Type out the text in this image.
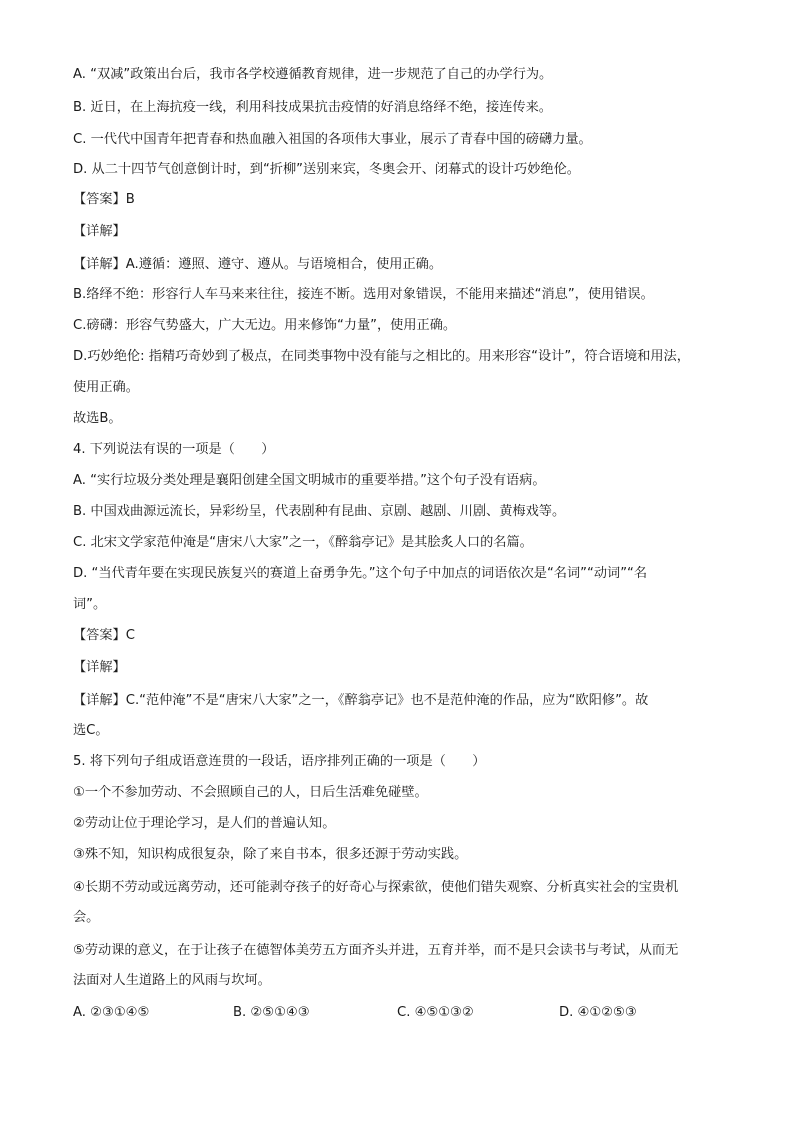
A. “双减”政策出台后，我市各学校遵循教育规律，进一步规范了自己的办学行为。
B. 近日，在上海抗疫一线，利用科技成果抗击疫情的好消息络绎不绝，接连传来。
C. 一代代中国青年把青春和热血融入祖国的各项伟大事业，展示了青春中国的磅礴力量。
D. 从二十四节气创意倒计时，到“折柳”送别来宾，冬奥会开、闭幕式的设计巧妙绝伦。
【答案】B
【详解】
【详解】A.遵循：遵照、遵守、遵从。与语境相合，使用正确。
B.络绎不绝：形容行人车马来来往往，接连不断。选用对象错误，不能用来描述“消息”，使用错误。
C.磅礴：形容气势盛大，广大无边。用来修饰“力量”，使用正确。
D.巧妙绝伦: 指精巧奇妙到了极点，在同类事物中没有能与之相比的。用来形容“设计”，符合语境和用法，
使用正确。
故选B。
4. 下列说法有误的一项是（　　）
A. “实行垃圾分类处理是襄阳创建全国文明城市的重要举措。”这个句子没有语病。
B. 中国戏曲源远流长，异彩纷呈，代表剧种有昆曲、京剧、越剧、川剧、黄梅戏等。
C. 北宋文学家范仲淹是“唐宋八大家”之一，《醉翁亭记》是其脍炙人口的名篇。
D. “当代青年要在实现民族复兴的赛道上奋勇争先。”这个句子中加点的词语依次是“名词”“动词”“名
词”。
【答案】C
【详解】
【详解】C.“范仲淹”不是“唐宋八大家”之一，《醉翁亭记》也不是范仲淹的作品，应为“欧阳修”。故
选C。
5. 将下列句子组成语意连贯的一段话，语序排列正确的一项是（　　）
①一个不参加劳动、不会照顾自己的人，日后生活难免碰壁。
②劳动让位于理论学习，是人们的普遍认知。
③殊不知，知识构成很复杂，除了来自书本，很多还源于劳动实践。
④长期不劳动或远离劳动，还可能剥夺孩子的好奇心与探索欲，使他们错失观察、分析真实社会的宝贵机
会。
⑤劳动课的意义，在于让孩子在德智体美劳五方面齐头并进，五育并举，而不是只会读书与考试，从而无
法面对人生道路上的风雨与坎坷。
A. ②③①④⑤	B. ②⑤①④③	C. ④⑤①③②	D. ④①②⑤③
